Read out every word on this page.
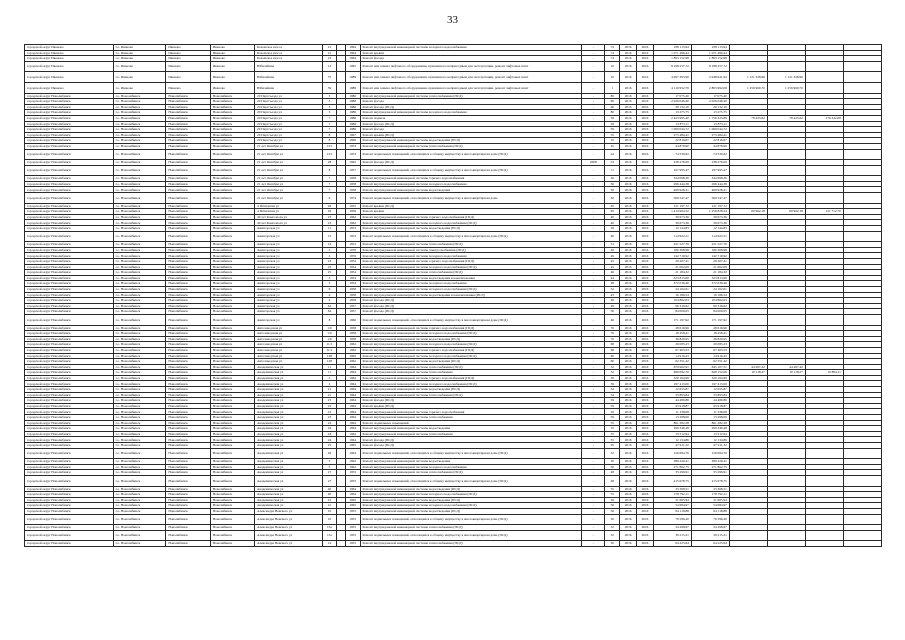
33
городской округ Иваново	г.о. Иваново	Иваново	Иваново	Кохомское шоссе	21		1964	Ремонт внутридомовой инженерной системы холодного водоснабжения	-	74	2016	2016	238 113,94	238 113,94				
городской округ Иваново	г.о. Иваново	Иваново	Иваново	Кохомское шоссе	21		1964	Ремонт крыши	-	74	2016	2016	1 071 496,44	1 071 496,44				
городской округ Иваново	г.о. Иваново	Иваново	Иваново	Кохомское шоссе	23		1964	Ремонт фасада	-	74	2016	2016	1 893 152,98	1 893 152,98				
городской округ Иваново	г.о. Иваново	Иваново	Иваново	Юбилейная	12		1995	Ремонт или замена лифтового оборудования, признанного непригодным для эксплуатации, ремонт лифтовых шахт	-	10	2016	2016	8 198 257,72	8 198 257,72				
городской округ Иваново	г.о. Иваново	Иваново	Иваново	Юбилейная	37		1989	Ремонт или замена лифтового оборудования, признанного непригодным для эксплуатации, ремонт лифтовых шахт	-	10	2016	2016	4 097 303,90	2 948 641,94	1 121 328,96	1 121 328,96		
городской округ Иваново	г.о. Иваново	Иваново	Иваново	Юбилейная	39		1989	Ремонт или замена лифтового оборудования, признанного непригодным для эксплуатации, ремонт лифтовых шахт	-	1	2016	2016	4 119 952,79	2 863 992,09	1 256 960,70	1 256 960,70		
городской округ Новолибинск	г.о. Новолибинск	Новолибинск	Новолибинск	20 Партсъезда ул	3		1986	Ремонт внутридомовой инженерной системы теплоснабжения (ПСД)	-	80	2016	2016	17 075,40	17 075,40				
городской округ Новолибинск	г.о. Новолибинск	Новолибинск	Новолибинск	20 Партсъезда ул	3		1986	Ремонт фасада	-	60	2016	2016	2 026 046,40	2 026 046,40				
городской округ Новолибинск	г.о. Новолибинск	Новолибинск	Новолибинск	20 Партсъезда ул	3		1986	Ремонт фасада (ПСД)	-	60	2016	2016	20 132,10	20 132,10				
городской округ Новолибинск	г.о. Новолибинск	Новолибинск	Новолибинск	20 Партсъезда ул	3		1986	Ремонт внутридомовой инженерной системы холодного водоснабжения	-	80	2016	2016	13 275,75	13 275,75				
городской округ Новолибинск	г.о. Новолибинск	Новолибинск	Новолибинск	20 Партсъезда ул	7		1986	Ремонт подвала	-	59	2016	2016	2 423 995,40	1 756 323,89	78 423,62	78 423,62	176 342,68	
городской округ Новолибинск	г.о. Новолибинск	Новолибинск	Новолибинск	20 Партсъезда ул	7		1986	Ремонт фасада (ПСД)	-	59	2016	2016	13 873,11	13 873,11				
городской округ Новолибинск	г.о. Новолибинск	Новолибинск	Новолибинск	20 Партсъезда ул	7		1986	Ремонт фасада	-	59	2016	2016	1 069 044,72	1 069 044,72				
городской округ Новолибинск	г.о. Новолибинск	Новолибинск	Новолибинск	20 Партсъезда ул	8		1967	Ремонт крыши (ПСД)	-	55	2016	2016	273 484,41	273 484,41				
городской округ Новолибинск	г.о. Новолибинск	Новолибинск	Новолибинск	20 Партсъезда ул	8		1966	Ремонт внутридомовой инженерной системы водоотведения (ПСД)	-	55	2016	2016	22 816,67	22 816,67				
городской округ Новолибинск	г.о. Новолибинск	Новолибинск	Новолибинск	21 лет Октября ул	13/1		1953	Ремонт внутридомовой инженерной системы теплоснабжения (ПСД)	-	45	2016	2016	44 878,90	44 878,90				
городской округ Новолибинск	г.о. Новолибинск	Новолибинск	Новолибинск	21 лет Октября ул	13/1		1953	Ремонт подвальных помещений, относящихся к общему имуществу в многоквартирном доме (ПСД)	-	44	2016	2016	74 530,62	74 530,62				
городской округ Новолибинск	г.о. Новолибинск	Новолибинск	Новолибинск	21 лет Октября ул	28		1962	Ремонт фасада (ПСД)	2008	53	2016	2016	238 276,09	238 276,09				
городской округ Новолибинск	г.о. Новолибинск	Новолибинск	Новолибинск	21 лет Октября ул	8		1957	Ремонт подвальных помещений, относящихся к общему имуществу в многоквартирном доме (ПСД)	-	11	2016	2016	197 995,47	197 995,47				
городской округ Новолибинск	г.о. Новолибинск	Новолибинск	Новолибинск	21 лет Октября ул	7		1958	Ремонт внутридомовой инженерной системы горячего водоснабжения	-	56	2016	2016	344 068,36	344 068,36				
городской округ Новолибинск	г.о. Новолибинск	Новолибинск	Новолибинск	21 лет Октября ул	7		1958	Ремонт внутридомовой инженерной системы холодного водоснабжения	-	56	2016	2016	296 444,38	296 444,38				
городской округ Новолибинск	г.о. Новолибинск	Новолибинск	Новолибинск	21 лет Октября ул	7		1958	Ремонт внутридомовой инженерной системы водоотведения	-	56	2016	2016	469 928,21	469 928,21				
городской округ Новолибинск	г.о. Новолибинск	Новолибинск	Новолибинск	21 лет Октября ул	9		1974	Ремонт подвальных помещений, относящихся к общему имуществу в многоквартирном доме	-	62	2016	2016	569 547,47	569 547,47				
городской округ Новолибинск	г.о. Новолибинск	Новолибинск	Новолибинск	4 Пятилетки ул	26		1955	Ремонт крыши (ПСД)	-	65	2016	2016	121 197,72	121 197,72				
городской округ Новолибинск	г.о. Новолибинск	Новолибинск	Новолибинск	4 Пятилетки ул	26		1956	Ремонт крыши	-	65	2016	2016	1 414 904,52	1 256 828,24	60 962,18	60 962,18	121 712,70	
городской округ Новолибинск	г.о. Новолибинск	Новолибинск	Новолибинск	40 лет Комсомола ул	23		1962	Ремонт внутридомовой инженерной системы горячего водоснабжения (ПСД)	-	40	2016	2016	39 673,36	39 673,36				
городской округ Новолибинск	г.о. Новолибинск	Новолибинск	Новолибинск	40 лет Комсомола ул	23		1962	Ремонт внутридомовой инженерной системы холодного водоснабжения (ПСД)	-	40	2016	2016	39 673,36	39 673,36				
городской округ Новолибинск	г.о. Новолибинск	Новолибинск	Новолибинск	Авиаторская ул	11		1953	Ремонт внутридомовой инженерной системы водоотведения (ПСД)	-	39	2016	2016	12 144,83	12 144,83				
городской округ Новолибинск	г.о. Новолибинск	Новолибинск	Новолибинск	Авиаторская ул	13		1953	Ремонт подвальных помещений, относящихся к общему имуществу в многоквартирном доме (ПСД)	-	40	2016	2016	114 922,51	114 922,51				
городской округ Новолибинск	г.о. Новолибинск	Новолибинск	Новолибинск	Авиаторская ул	14		1952	Ремонт внутридомовой инженерной системы теплоснабжения (ПСД)	-	31	2016	2016	221 527,76	221 527,76				
городской округ Новолибинск	г.о. Новолибинск	Новолибинск	Новолибинск	Авиаторская ул	2		1976	Ремонт внутридомовой инженерной системы электроснабжения (ПСД)	-	49	2016	2016	180 308,98	180 308,98				
городской округ Новолибинск	г.о. Новолибинск	Новолибинск	Новолибинск	Авиаторская ул	2		1976	Ремонт внутридомовой инженерной системы холодного водоснабжения	-	49	2016	2016	142 719,92	142 719,92				
городской округ Новолибинск	г.о. Новолибинск	Новолибинск	Новолибинск	Авиаторская ул	23		1954	Ремонт внутридомовой инженерной системы горячего водоснабжения (ПСД)	-	45	2016	2016	29 267,41	29 267,41				
городской округ Новолибинск	г.о. Новолибинск	Новолибинск	Новолибинск	Авиаторская ул	23		1954	Ремонт внутридомовой инженерной системы холодного водоснабжения (ПСД)	-	45	2016	2016	21 062,09	21 062,09				
городской округ Новолибинск	г.о. Новолибинск	Новолибинск	Новолибинск	Авиаторская ул	25		1954	Ремонт внутридомовой инженерной системы теплоснабжения (ПСД)	-	46	2016	2016	21 184,32	21 184,32				
городской округ Новолибинск	г.о. Новолибинск	Новолибинск	Новолибинск	Авиаторская ул	3		1954	Ремонт внутридомовой инженерной системы водоотведения и канализования	-	44	2016	2016	323 813,60	323 813,60				
городской округ Новолибинск	г.о. Новолибинск	Новолибинск	Новолибинск	Авиаторская ул	3		1954	Ремонт внутридомовой инженерной системы холодного водоснабжения	-	48	2016	2016	372 036,46	372 036,46				
городской округ Новолибинск	г.о. Новолибинск	Новолибинск	Новолибинск	Авиаторская ул	6		1958	Ремонт внутридомовой инженерной системы холодного водоснабжения (ПСД)	-	52	2016	2016	24 162,61	24 162,61				
городской округ Новолибинск	г.о. Новолибинск	Новолибинск	Новолибинск	Авиаторская ул	4		1958	Ремонт внутридомовой инженерной системы водоотведения и канализования (ПСД)	-	45	2016	2016	16 186,54	16 186,54				
городской округ Новолибинск	г.о. Новолибинск	Новолибинск	Новолибинск	Авиаторская ул	4		1958	Ремонт фасада (ПСД)	-	49	2016	2016	104 862,03	104 862,03				
городской округ Новолибинск	г.о. Новолибинск	Новолибинск	Новолибинск	Авиаторская ул	62		1957	Ремонт фасада (ПСД)	-	49	2016	2016	90 316,62	90 316,62				
городской округ Новолибинск	г.о. Новолибинск	Новолибинск	Новолибинск	Авиаторская ул	64		1957	Ремонт фасада (ПСД)	-	50	2016	2016	84 009,05	84 009,05				
городской округ Новолибинск	г.о. Новолибинск	Новолибинск	Новолибинск	Авиаторская ул	8		1960	Ремонт подвальных помещений, относящихся к общему имуществу в многоквартирном доме (ПСД)	-	46	2016	2016	171 197,92	171 197,92				
городской округ Новолибинск	г.о. Новолибинск	Новолибинск	Новолибинск	Автозаводская ул	1/9		1958	Ремонт внутридомовой инженерной системы горячего водоснабжения (ПСД)	-	70	2016	2016	28 616,96	28 616,96				
городской округ Новолибинск	г.о. Новолибинск	Новолибинск	Новолибинск	Автозаводская ул	1/9		1958	Ремонт внутридомовой инженерной системы холодного водоснабжения (ПСД)	-	70	2016	2016	18 458,41	18 458,41				
городской округ Новолибинск	г.о. Новолибинск	Новолибинск	Новолибинск	Автозаводская ул	1/9		1958	Ремонт внутридомовой инженерной системы водоотведения (ПСД)	-	70	2016	2016	36 820,95	36 820,95				
городской округ Новолибинск	г.о. Новолибинск	Новолибинск	Новолибинск	Автозаводская ул	11/1		1962	Ремонт внутридомовой инженерной системы холодного водоснабжения (ПСД)	-	68	2016	2016	20 085,23	20 085,23				
городской округ Новолибинск	г.о. Новолибинск	Новолибинск	Новолибинск	Автозаводская ул	11/1		1962	Ремонт внутридомовой инженерной системы горячего водоснабжения (ПСД)	-	68	2016	2016	67 463,53	67 463,53				
городской округ Новолибинск	г.о. Новолибинск	Новолибинск	Новолибинск	Автозаводская ул	128		1962	Ремонт внутридомовой инженерной системы холодного водоснабжения (ПСД)	-	60	2016	2016	14 916,43	14 916,43				
городской округ Новолибинск	г.о. Новолибинск	Новолибинск	Новолибинск	Автозаводская ул	128		1962	Ремонт внутридомовой инженерной системы водоотведения (ПСД)	-	60	2016	2016	62 351,42	62 351,42				
городской округ Новолибинск	г.о. Новолибинск	Новолибинск	Новолибинск	Академическая ул	11		1964	Ремонт внутридомовой инженерной системы теплоснабжения (ПСД)	-	52	2016	2016	679 902,91	645 107,51	44 497,42	44 497,42		
городской округ Новолибинск	г.о. Новолибинск	Новолибинск	Новолибинск	Академическая ул	11		1964	Ремонт внутридомовой инженерной системы теплоснабжения	-	52	2016	2016	699 092,70	628 152,06	10 118,27	10 118,27	10 894,11	
городской округ Новолибинск	г.о. Новолибинск	Новолибинск	Новолибинск	Академическая ул	2		1964	Ремонт внутридомовой инженерной системы горячего водоснабжения (ПСД)	-	39	2016	2016	329 164,90	329 164,90				
городской округ Новолибинск	г.о. Новолибинск	Новолибинск	Новолибинск	Академическая ул	2		1964	Ремонт внутридомовой инженерной системы холодного водоснабжения (ПСД)	-	39	2016	2016	197 413,00	197 413,00				
городской округ Новолибинск	г.о. Новолибинск	Новолибинск	Новолибинск	Академическая ул	21		1964	Ремонт внутридомовой инженерной системы водоотведения (ПСД)	-	54	2016	2016	12 655,87	12 655,87				
городской округ Новолибинск	г.о. Новолибинск	Новолибинск	Новолибинск	Академическая ул	21		1964	Ремонт внутридомовой инженерной системы теплоснабжения (ПСД)	-	54	2016	2016	33 893,84	33 893,84				
городской округ Новолибинск	г.о. Новолибинск	Новолибинск	Новолибинск	Академическая ул	23		1964	Ремонт фасада (ПСД)	-	59	2016	2016	44 480,86	44 480,86				
городской округ Новолибинск	г.о. Новолибинск	Новолибинск	Новолибинск	Академическая ул	23		1964	Ремонт крыши (ПСД)	-	59	2016	2016	43 918,87	43 918,87				
городской округ Новолибинск	г.о. Новолибинск	Новолибинск	Новолибинск	Академическая ул	23		1964	Ремонт внутридомовой инженерной системы горячего водоснабжения	-	59	2016	2016	11 338,08	11 338,08				
городской округ Новолибинск	г.о. Новолибинск	Новолибинск	Новолибинск	Академическая ул	23		1964	Ремонт внутридомовой инженерной системы теплоснабжения	-	59	2016	2016	13 298,00	13 298,00				
городской округ Новолибинск	г.о. Новолибинск	Новолибинск	Новолибинск	Академическая ул	24		1964	Ремонт подвальных помещений	-	55	2016	2016	861 282,28	861 282,28				
городской округ Новолибинск	г.о. Новолибинск	Новолибинск	Новолибинск	Академическая ул	24		1964	Ремонт внутридомовой инженерной системы водоотведения	-	55	2016	2016	299 346,48	299 346,48				
городской округ Новолибинск	г.о. Новолибинск	Новолибинск	Новолибинск	Академическая ул	24		1964	Ремонт внутридомовой инженерной системы теплоснабжения	-	55	2016	2016	13 512,94	13 512,94				
городской округ Новолибинск	г.о. Новолибинск	Новолибинск	Новолибинск	Академическая ул	24		1964	Ремонт фасада (ПСД)	-	55	2016	2016	12 134,86	12 134,86				
городской округ Новолибинск	г.о. Новолибинск	Новолибинск	Новолибинск	Академическая ул	25		1965	Ремонт фасада (ПСД)	-	65	2016	2016	47 911,32	47 911,32				
городской округ Новолибинск	г.о. Новолибинск	Новолибинск	Новолибинск	Академическая ул	26		1964	Ремонт подвальных помещений, относящихся к общему имуществу в многоквартирном доме (ПСД)	-	52	2016	2016	126 694,76	126 694,76				
городской округ Новолибинск	г.о. Новолибинск	Новолибинск	Новолибинск	Академическая ул	5		1962	Ремонт внутридомовой инженерной системы водоотведения	-	50	2016	2016	389 229,41	389 229,41				
городской округ Новолибинск	г.о. Новолибинск	Новолибинск	Новолибинск	Академическая ул	5		1962	Ремонт внутридомовой инженерной системы холодного водоснабжения	-	50	2016	2016	271 862,75	271 862,75				
городской округ Новолибинск	г.о. Новолибинск	Новолибинск	Новолибинск	Академическая ул	27		1955	Ремонт внутридомовой инженерной системы теплоснабжения (ПСД)	-	48	2016	2016	35 296,91	35 296,91				
городской округ Новолибинск	г.о. Новолибинск	Новолибинск	Новолибинск	Академическая ул	27		1955	Ремонт подвальных помещений, относящихся к общему имуществу в многоквартирном доме (ПСД)	-	48	2016	2016	415 678,75	415 678,75				
городской округ Новолибинск	г.о. Новолибинск	Новолибинск	Новолибинск	Академическая ул	40		1964	Ремонт внутридомовой инженерной системы водоотведения (ПСД)	-	55	2016	2016	33 368,51	33 368,51				
городской округ Новолибинск	г.о. Новолибинск	Новолибинск	Новолибинск	Академическая ул	40		1964	Ремонт внутридомовой инженерной системы холодного водоснабжения (ПСД)	-	55	2016	2016	178 792,11	178 792,11				
городской округ Новолибинск	г.о. Новолибинск	Новолибинск	Новолибинск	Академическая ул	41		1965	Ремонт внутридомовой инженерной системы водоотведения (ПСД)	-	56	2016	2016	31 665,94	31 665,94				
городской округ Новолибинск	г.о. Новолибинск	Новолибинск	Новолибинск	Академическая ул	41		1965	Ремонт внутридомовой инженерной системы холодного водоснабжения (ПСД)	-	56	2016	2016	54 684,97	54 684,97				
городской округ Новолибинск	г.о. Новолибинск	Новолибинск	Новолибинск	Александра Невского ул	10		1955	Ремонт внутридомовой инженерной системы водоотведения (ПСД)	-	50	2016	2016	64 118,88	64 118,88				
городской округ Новолибинск	г.о. Новолибинск	Новолибинск	Новолибинск	Александра Невского ул	10		1955	Ремонт подвальных помещений, относящихся к общему имуществу в многоквартирном доме (ПСД)	-	50	2016	2016	79 596,20	79 596,20				
городской округ Новолибинск	г.о. Новолибинск	Новолибинск	Новолибинск	Александра Невского ул	13а		1955	Ремонт внутридомовой инженерной системы теплоснабжения (ПСД)	-	52	2016	2016	34 298,67	34 298,67				
городской округ Новолибинск	г.о. Новолибинск	Новолибинск	Новолибинск	Александра Невского ул	13а		1955	Ремонт подвальных помещений, относящихся к общему имуществу в многоквартирном доме (ПСД)	-	52	2016	2016	39 215,21	39 215,21				
городской округ Новолибинск	г.о. Новолибинск	Новолибинск	Новолибинск	Александра Невского ул	14		1955	Ремонт внутридомовой инженерной системы теплоснабжения (ПСД)	-	50	2016	2016	64 225,64	64 225,64				
